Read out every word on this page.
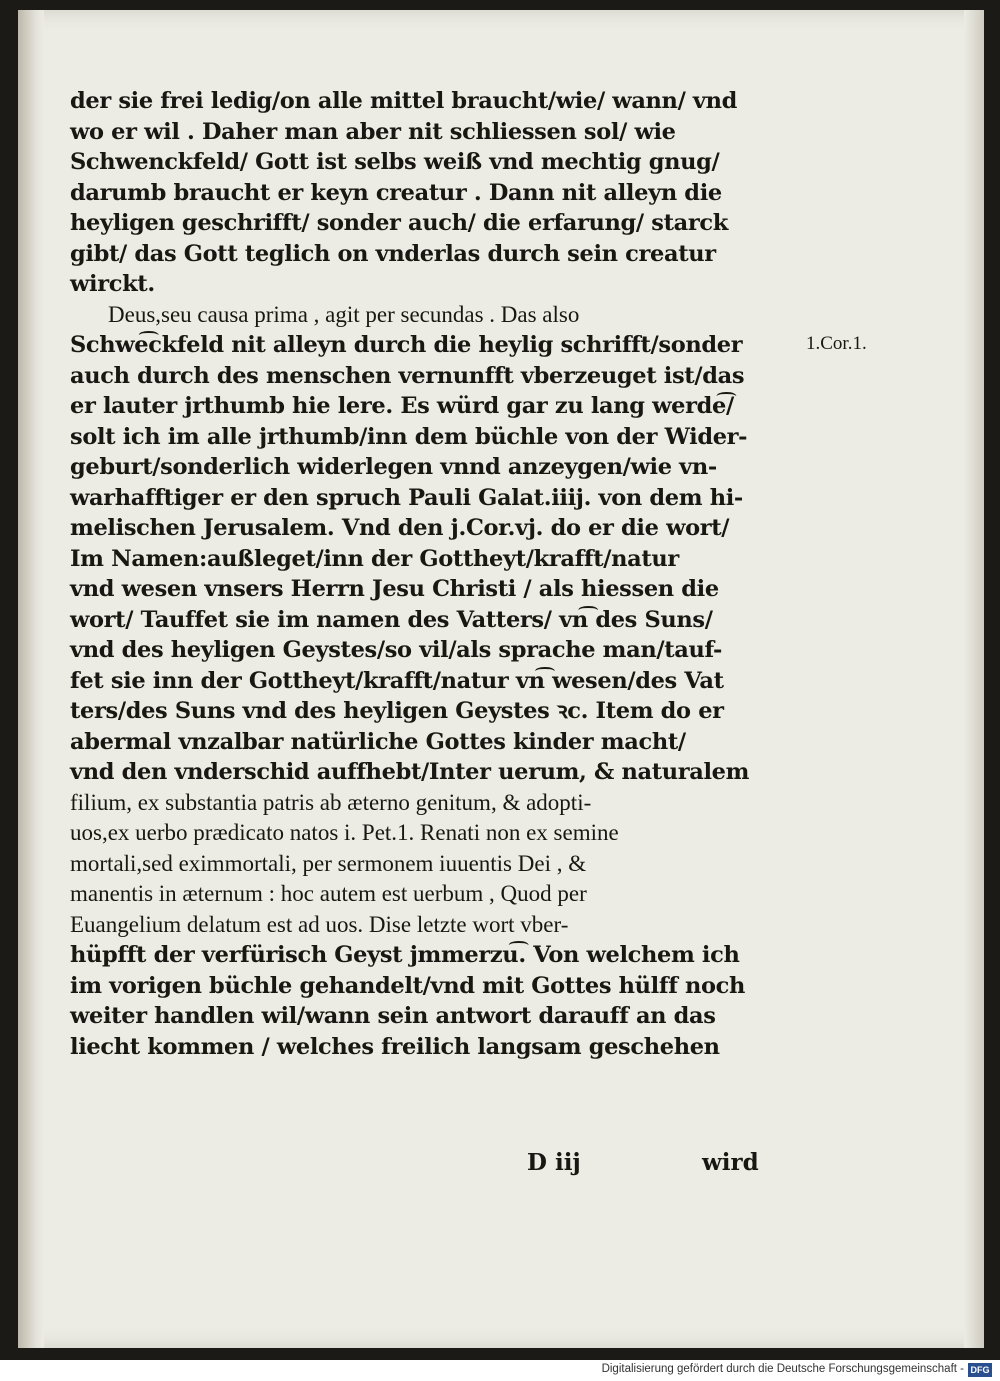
der sie frei ledig/on alle mittel braucht/wie/ wann/ vnd
wo er wil . Daher man aber nit schliessen sol/ wie
Schwenckfeld/ Gott ist selbs weiß vnd mechtig gnug/
darumb braucht er keyn creatur . Dann nit alleyn die
heyligen geschrifft/ sonder auch/ die erfarung/ starck
gibt/ das Gott teglich on vnderlas durch sein creatur
wirckt.
Deus,seu causa prima , agit per secundas . Das also
Schwe͡ckfeld nit alleyn durch die heylig schrifft/sonder
auch durch des menschen vernunfft vberzeuget ist/das
er lauter jrthumb hie lere. Es würd gar zu lang werde͡/
solt ich im alle jrthumb/inn dem büchle von der Wider-
geburt/sonderlich widerlegen vnnd anzeygen/wie vn-
warhafftiger er den spruch Pauli Galat.iiij. von dem hi-
melischen Jerusalem. Vnd den j.Cor.vj. do er die wort/
Im Namen:außleget/inn der Gottheyt/krafft/natur
vnd wesen vnsers Herrn Jesu Christi / als hiessen die
wort/ Tauffet sie im namen des Vatters/ vn͡ des Suns/
vnd des heyligen Geystes/so vil/als sprache man/tauf-
fet sie inn der Gottheyt/krafft/natur vn͡ wesen/des Vat
ters/des Suns vnd des heyligen Geystes ꝛc. Item do er
abermal vnzalbar natürliche Gottes kinder macht/
vnd den vnderschid auffhebt/Inter uerum, & naturalem
filium, ex substantia patris ab æterno genitum, & adopti-
uos,ex uerbo prædicato natos i. Pet.1. Renati non ex semine
mortali,sed eximmortali, per sermonem iuuentis Dei , &
manentis in æternum : hoc autem est uerbum , Quod per
Euangelium delatum est ad uos. Dise letzte wort vber-
hüpfft der verfürisch Geyst jmmerzu͡. Von welchem ich
im vorigen büchle gehandelt/vnd mit Gottes hülff noch
weiter handlen wil/wann sein antwort darauff an das
liecht kommen / welches freilich langsam geschehen
1.Cor.1.
D iij	wird
Digitalisierung gefördert durch die Deutsche Forschungsgemeinschaft - DFG
